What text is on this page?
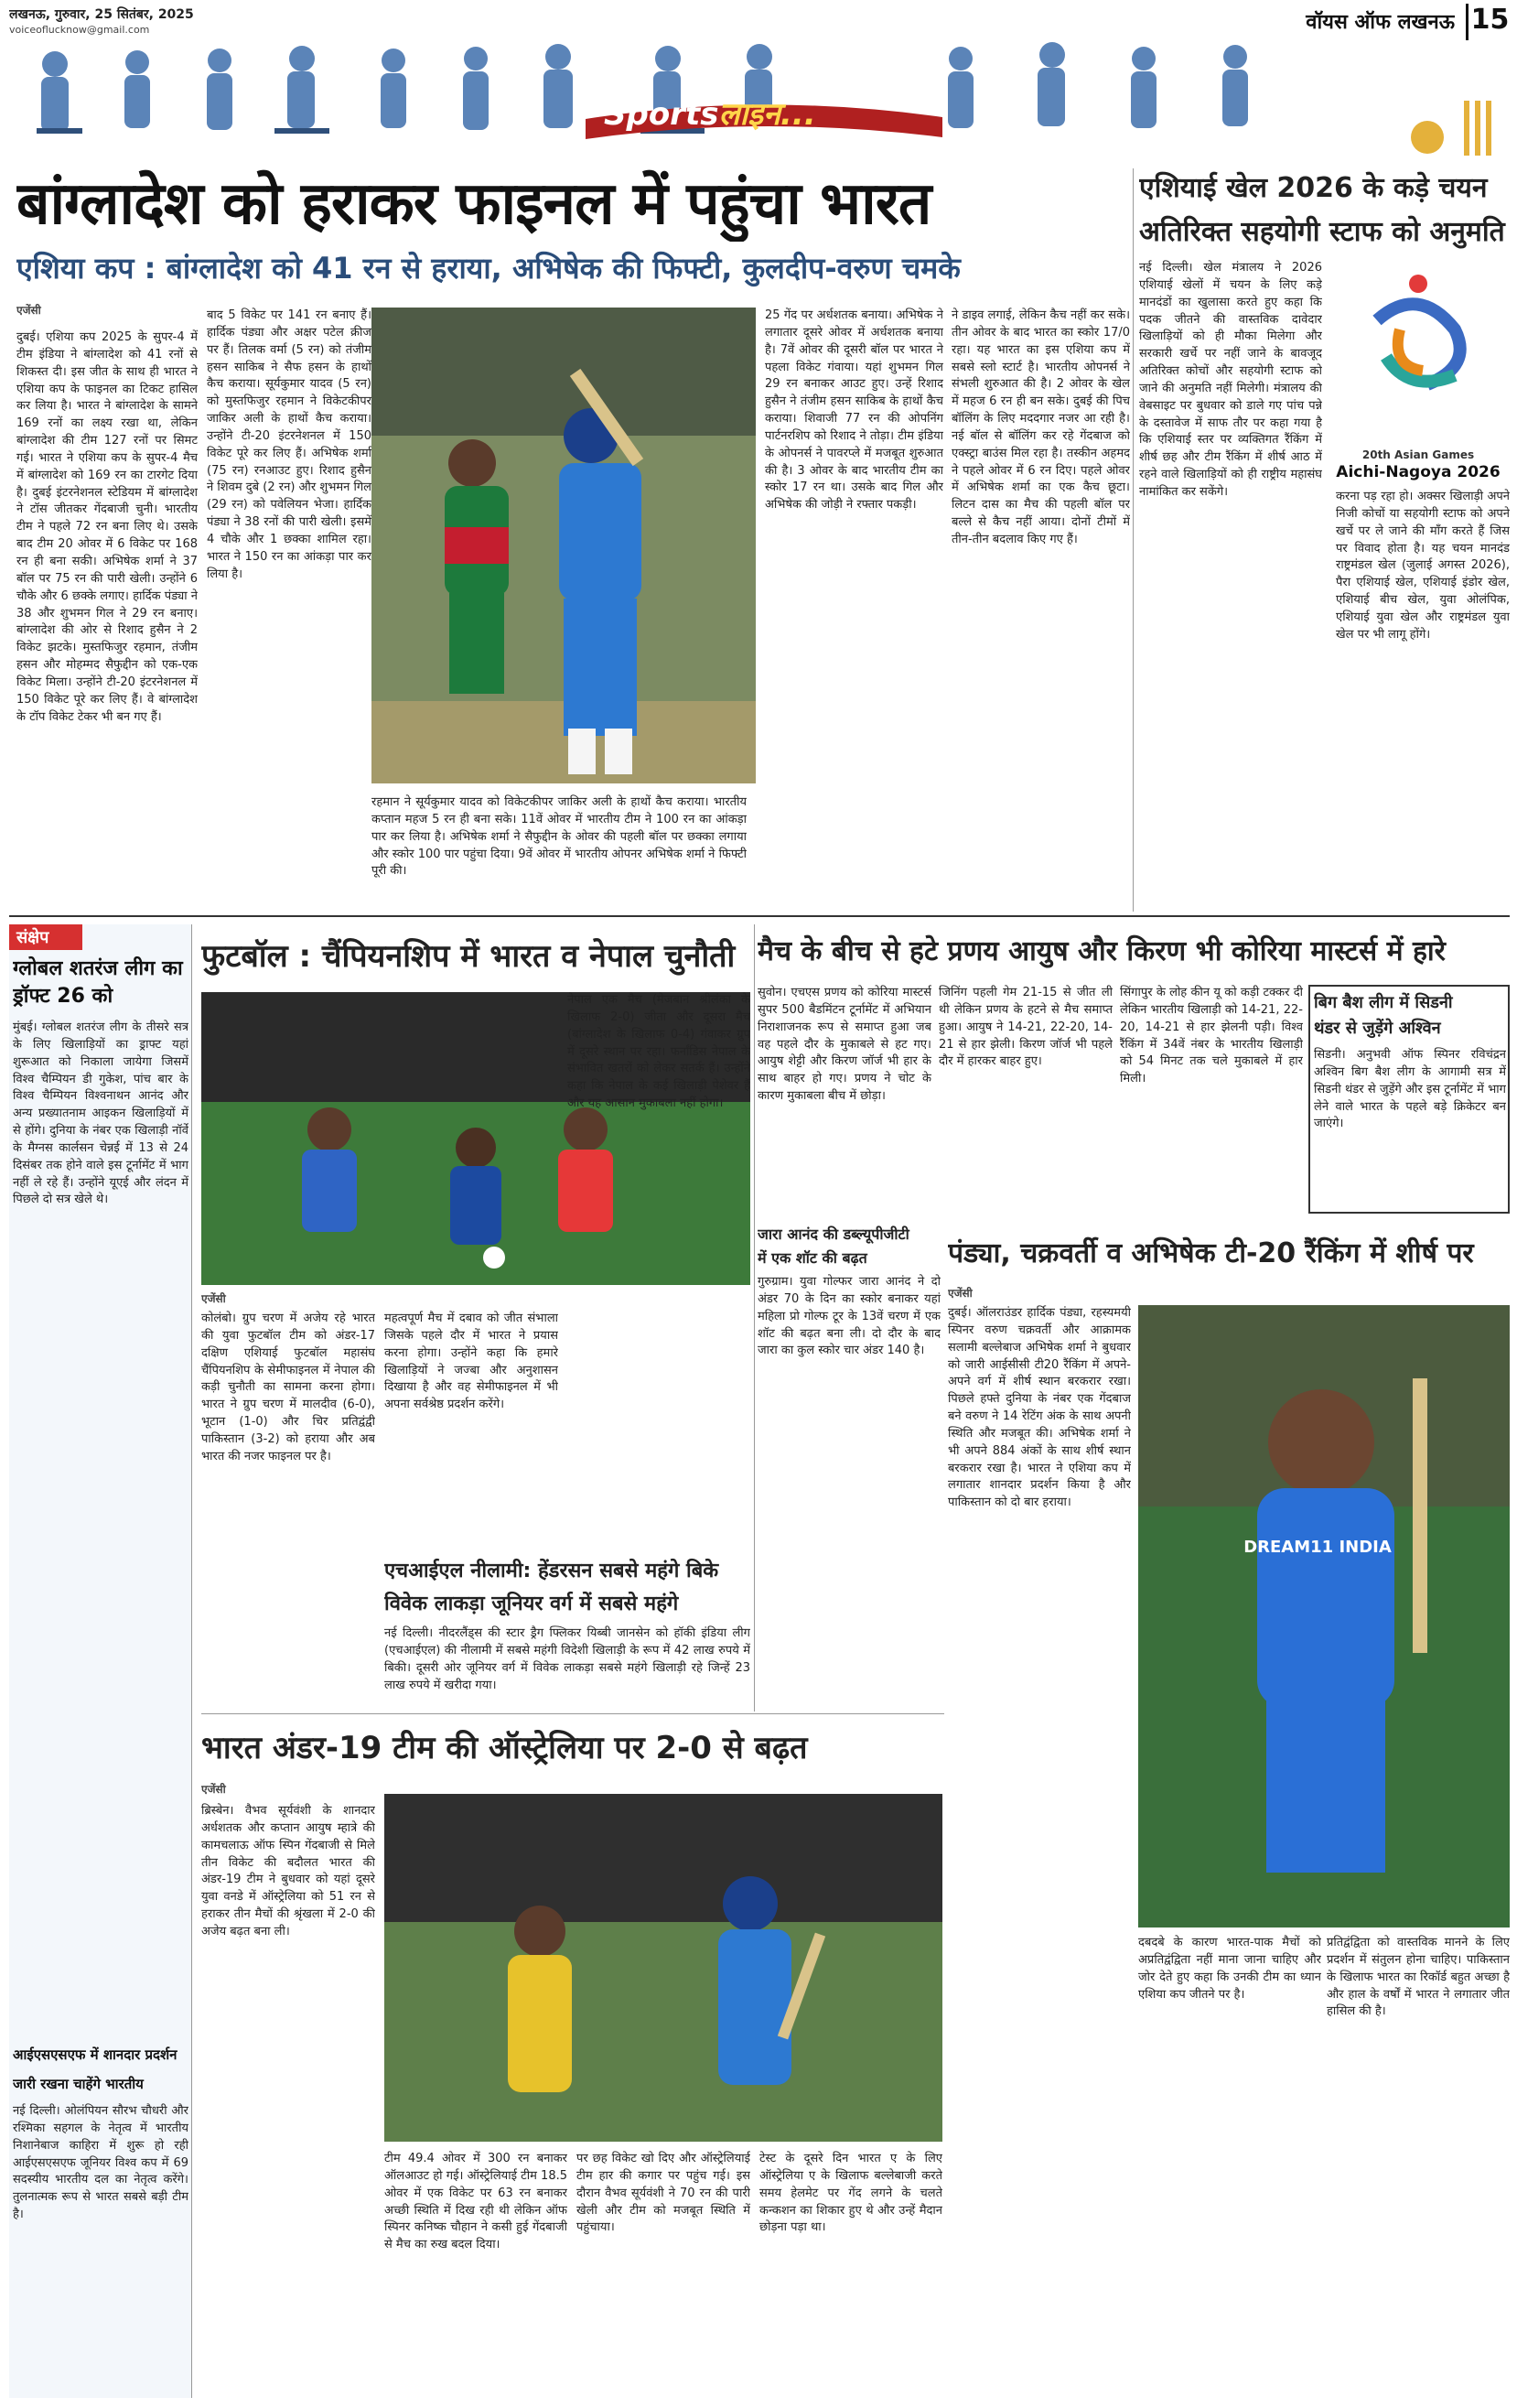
लखनऊ, गुरुवार, 25 सितंबर, 2025
voiceoflucknow@gmail.com	वॉयस ऑफ लखनऊ 15
Sportsलाइन...
बांग्लादेश को हराकर फाइनल में पहुंचा भारत
एशिया कप : बांग्लादेश को 41 रन से हराया, अभिषेक की फिफ्टी, कुलदीप-वरुण चमके
एजेंसी
दुबई। एशिया कप 2025 के सुपर-4 में टीम इंडिया ने बांग्लादेश को 41 रनों से शिकस्त दी। इस जीत के साथ ही भारत ने एशिया कप के फाइनल का टिकट हासिल कर लिया है। भारत ने बांग्लादेश के सामने 169 रनों का लक्ष्य रखा था, लेकिन बांग्लादेश की टीम 127 रनों पर सिमट गई। भारत ने एशिया कप के सुपर-4 मैच में बांग्लादेश को 169 रन का टारगेट दिया है। दुबई इंटरनेशनल स्टेडियम में बांग्लादेश ने टॉस जीतकर गेंदबाजी चुनी। भारतीय टीम ने पहले 72 रन बना लिए थे। उसके बाद टीम 20 ओवर में 6 विकेट पर 168 रन ही बना सकी। अभिषेक शर्मा ने 37 बॉल पर 75 रन की पारी खेली। उन्होंने 6 चौके और 6 छक्के लगाए। हार्दिक पंड्या ने 38 और शुभमन गिल ने 29 रन बनाए। बांग्लादेश की ओर से रिशाद हुसैन ने 2 विकेट झटके। मुस्तफिजुर रहमान, तंजीम हसन और मोहम्मद सैफुद्दीन को एक-एक विकेट मिला। उन्होंने टी-20 इंटरनेशनल में 150 विकेट पूरे कर लिए हैं। वे बांग्लादेश के टॉप विकेट टेकर भी बन गए हैं।
बाद 5 विकेट पर 141 रन बनाए हैं। हार्दिक पंड्या और अक्षर पटेल क्रीज पर हैं। तिलक वर्मा (5 रन) को तंजीम हसन साकिब ने सैफ हसन के हाथों कैच कराया। सूर्यकुमार यादव (5 रन) को मुस्तफिजुर रहमान ने विकेटकीपर जाकिर अली के हाथों कैच कराया। उन्होंने टी-20 इंटरनेशनल में 150 विकेट पूरे कर लिए हैं। अभिषेक शर्मा (75 रन) रनआउट हुए। रिशाद हुसैन ने शिवम दुबे (2 रन) और शुभमन गिल (29 रन) को पवेलियन भेजा। हार्दिक पंड्या ने 38 रनों की पारी खेली। इसमें 4 चौके और 1 छक्का शामिल रहा। भारत ने 150 रन का आंकड़ा पार कर लिया है।
रहमान ने सूर्यकुमार यादव को विकेटकीपर जाकिर अली के हाथों कैच कराया। भारतीय कप्तान महज 5 रन ही बना सके। 11वें ओवर में भारतीय टीम ने 100 रन का आंकड़ा पार कर लिया है। अभिषेक शर्मा ने सैफुद्दीन के ओवर की पहली बॉल पर छक्का लगाया और स्कोर 100 पार पहुंचा दिया। 9वें ओवर में भारतीय ओपनर अभिषेक शर्मा ने फिफ्टी पूरी की।
25 गेंद पर अर्धशतक बनाया। अभिषेक ने लगातार दूसरे ओवर में अर्धशतक बनाया है। 7वें ओवर की दूसरी बॉल पर भारत ने पहला विकेट गंवाया। यहां शुभमन गिल 29 रन बनाकर आउट हुए। उन्हें रिशाद हुसैन ने तंजीम हसन साकिब के हाथों कैच कराया। शिवाजी 77 रन की ओपनिंग पार्टनरशिप को रिशाद ने तोड़ा। टीम इंडिया के ओपनर्स ने पावरप्ले में मजबूत शुरुआत की है। 3 ओवर के बाद भारतीय टीम का स्कोर 17 रन था। उसके बाद गिल और अभिषेक की जोड़ी ने रफ्तार पकड़ी।
ने डाइव लगाई, लेकिन कैच नहीं कर सके। तीन ओवर के बाद भारत का स्कोर 17/0 रहा। यह भारत का इस एशिया कप में सबसे स्लो स्टार्ट है। भारतीय ओपनर्स ने संभली शुरुआत की है। 2 ओवर के खेल में महज 6 रन ही बन सके। दुबई की पिच बॉलिंग के लिए मददगार नजर आ रही है। नई बॉल से बॉलिंग कर रहे गेंदबाज को एक्स्ट्रा बाउंस मिल रहा है। तस्कीन अहमद ने पहले ओवर में 6 रन दिए। पहले ओवर में अभिषेक शर्मा का एक कैच छूटा। लिटन दास का मैच की पहली बॉल पर बल्ले से कैच नहीं आया। दोनों टीमों में तीन-तीन बदलाव किए गए हैं।
एशियाई खेल 2026 के कड़े चयन
अतिरिक्त सहयोगी स्टाफ को अनुमति
नई दिल्ली। खेल मंत्रालय ने 2026 एशियाई खेलों में चयन के लिए कड़े मानदंडों का खुलासा करते हुए कहा कि पदक जीतने की वास्तविक दावेदार खिलाड़ियों को ही मौका मिलेगा और सरकारी खर्चे पर नहीं जाने के बावजूद अतिरिक्त कोचों और सहयोगी स्टाफ को जाने की अनुमति नहीं मिलेगी। मंत्रालय की वेबसाइट पर बुधवार को डाले गए पांच पन्ने के दस्तावेज में साफ तौर पर कहा गया है कि एशियाई स्तर पर व्यक्तिगत रैंकिंग में शीर्ष छह और टीम रैंकिंग में शीर्ष आठ में रहने वाले खिलाड़ियों को ही राष्ट्रीय महासंघ नामांकित कर सकेंगे।
20th Asian Games
Aichi-Nagoya 2026
करना पड़ रहा हो। अक्सर खिलाड़ी अपने निजी कोचों या सहयोगी स्टाफ को अपने खर्चे पर ले जाने की माँग करते हैं जिस पर विवाद होता है। यह चयन मानदंड राष्ट्रमंडल खेल (जुलाई अगस्त 2026), पैरा एशियाई खेल, एशियाई इंडोर खेल, एशियाई बीच खेल, युवा ओलंपिक, एशियाई युवा खेल और राष्ट्रमंडल युवा खेल पर भी लागू होंगे।
संक्षेप
ग्लोबल शतरंज लीग का ड्रॉफ्ट 26 को
मुंबई। ग्लोबल शतरंज लीग के तीसरे सत्र के लिए खिलाड़ियों का ड्राफ्ट यहां शुरूआत को निकाला जायेगा जिसमें विश्व चैम्पियन डी गुकेश, पांच बार के विश्व चैम्पियन विश्वनाथन आनंद और अन्य प्रख्यातनाम आइकन खिलाड़ियों में से होंगे। दुनिया के नंबर एक खिलाड़ी नॉर्वे के मैग्नस कार्लसन चेन्नई में 13 से 24 दिसंबर तक होने वाले इस टूर्नामेंट में भाग नहीं ले रहे हैं। उन्होंने यूएई और लंदन में पिछले दो सत्र खेले थे।
आईएसएसएफ में शानदार प्रदर्शन
जारी रखना चाहेंगे भारतीय
नई दिल्ली। ओलंपियन सौरभ चौधरी और रश्मिका सहगल के नेतृत्व में भारतीय निशानेबाज काहिरा में शुरू हो रही आईएसएसएफ जूनियर विश्व कप में 69 सदस्यीय भारतीय दल का नेतृत्व करेंगे। तुलनात्मक रूप से भारत सबसे बड़ी टीम है।
फुटबॉल : चैंपियनशिप में भारत व नेपाल चुनौती
एजेंसी
कोलंबो। ग्रुप चरण में अजेय रहे भारत की युवा फुटबॉल टीम को अंडर-17 दक्षिण एशियाई फुटबॉल महासंघ चैंपियनशिप के सेमीफाइनल में नेपाल की कड़ी चुनौती का सामना करना होगा। भारत ने ग्रुप चरण में मालदीव (6-0), भूटान (1-0) और चिर प्रतिद्वंद्वी पाकिस्तान (3-2) को हराया और अब भारत की नजर फाइनल पर है।
महत्वपूर्ण मैच में दबाव को जीत संभाला जिसके पहले दौर में भारत ने प्रयास करना होगा। उन्होंने कहा कि हमारे खिलाड़ियों ने जज्बा और अनुशासन दिखाया है और वह सेमीफाइनल में भी अपना सर्वश्रेष्ठ प्रदर्शन करेंगे।
नेपाल एक मैच (मेजबान श्रीलंका के खिलाफ 2-0) जीता और दूसरा मैच (बांग्लादेश के खिलाफ 0-4) गंवाकर ग्रुप में दूसरे स्थान पर रहा। फर्नांडिस नेपाल के संभावित खतरों को लेकर सतर्क हैं। उन्होंने कहा कि नेपाल के कई खिलाड़ी पेशेवर हैं और यह आसान मुकाबला नहीं होगा।
एचआईएल नीलामी: हेंडरसन सबसे महंगे बिके
विवेक लाकड़ा जूनियर वर्ग में सबसे महंगे
नई दिल्ली। नीदरलैंड्स की स्टार ड्रैग फ्लिकर यिब्बी जानसेन को हॉकी इंडिया लीग (एचआईएल) की नीलामी में सबसे महंगी विदेशी खिलाड़ी के रूप में 42 लाख रुपये में बिकी। दूसरी ओर जूनियर वर्ग में विवेक लाकड़ा सबसे महंगे खिलाड़ी रहे जिन्हें 23 लाख रुपये में खरीदा गया।
मैच के बीच से हटे प्रणय आयुष और किरण भी कोरिया मास्टर्स में हारे
सुवोन। एचएस प्रणय को कोरिया मास्टर्स सुपर 500 बैडमिंटन टूर्नामेंट में अभियान निराशाजनक रूप से समाप्त हुआ जब वह पहले दौर के मुकाबले से हट गए। आयुष शेट्टी और किरण जॉर्ज भी हार के साथ बाहर हो गए। प्रणय ने चोट के कारण मुकाबला बीच में छोड़ा।
जिनिंग पहली गेम 21-15 से जीत ली थी लेकिन प्रणय के हटने से मैच समाप्त हुआ। आयुष ने 14-21, 22-20, 14-21 से हार झेली। किरण जॉर्ज भी पहले दौर में हारकर बाहर हुए।
सिंगापुर के लोह कीन यू को कड़ी टक्कर दी लेकिन भारतीय खिलाड़ी को 14-21, 22-20, 14-21 से हार झेलनी पड़ी। विश्व रैंकिंग में 34वें नंबर के भारतीय खिलाड़ी को 54 मिनट तक चले मुकाबले में हार मिली।
बिग बैश लीग में सिडनी
थंडर से जुड़ेंगे अश्विन
सिडनी। अनुभवी ऑफ स्पिनर रविचंद्रन अश्विन बिग बैश लीग के आगामी सत्र में सिडनी थंडर से जुड़ेंगे और इस टूर्नामेंट में भाग लेने वाले भारत के पहले बड़े क्रिकेटर बन जाएंगे।
जारा आनंद की डब्ल्यूपीजीटी
में एक शॉट की बढ़त
गुरुग्राम। युवा गोल्फर जारा आनंद ने दो अंडर 70 के दिन का स्कोर बनाकर यहां महिला प्रो गोल्फ टूर के 13वें चरण में एक शॉट की बढ़त बना ली। दो दौर के बाद जारा का कुल स्कोर चार अंडर 140 है।
पंड्या, चक्रवर्ती व अभिषेक टी-20 रैंकिंग में शीर्ष पर
एजेंसी
दुबई। ऑलराउंडर हार्दिक पंड्या, रहस्यमयी स्पिनर वरुण चक्रवर्ती और आक्रामक सलामी बल्लेबाज अभिषेक शर्मा ने बुधवार को जारी आईसीसी टी20 रैंकिंग में अपने-अपने वर्ग में शीर्ष स्थान बरकरार रखा। पिछले हफ्ते दुनिया के नंबर एक गेंदबाज बने वरुण ने 14 रेटिंग अंक के साथ अपनी स्थिति और मजबूत की। अभिषेक शर्मा ने भी अपने 884 अंकों के साथ शीर्ष स्थान बरकरार रखा है। भारत ने एशिया कप में लगातार शानदार प्रदर्शन किया है और पाकिस्तान को दो बार हराया।
DREAM11 INDIA
भारत अंडर-19 टीम की ऑस्ट्रेलिया पर 2-0 से बढ़त
एजेंसी
ब्रिस्बेन। वैभव सूर्यवंशी के शानदार अर्धशतक और कप्तान आयुष म्हात्रे की कामचलाऊ ऑफ स्पिन गेंदबाजी से मिले तीन विकेट की बदौलत भारत की अंडर-19 टीम ने बुधवार को यहां दूसरे युवा वनडे में ऑस्ट्रेलिया को 51 रन से हराकर तीन मैचों की श्रृंखला में 2-0 की अजेय बढ़त बना ली।
टीम 49.4 ओवर में 300 रन बनाकर ऑलआउट हो गई। ऑस्ट्रेलियाई टीम 18.5 ओवर में एक विकेट पर 63 रन बनाकर अच्छी स्थिति में दिख रही थी लेकिन ऑफ स्पिनर कनिष्क चौहान ने कसी हुई गेंदबाजी से मैच का रुख बदल दिया।
पर छह विकेट खो दिए और ऑस्ट्रेलियाई टीम हार की कगार पर पहुंच गई। इस दौरान वैभव सूर्यवंशी ने 70 रन की पारी खेली और टीम को मजबूत स्थिति में पहुंचाया।
टेस्ट के दूसरे दिन भारत ए के लिए ऑस्ट्रेलिया ए के खिलाफ बल्लेबाजी करते समय हेलमेट पर गेंद लगने के चलते कन्कशन का शिकार हुए थे और उन्हें मैदान छोड़ना पड़ा था।
दबदबे के कारण भारत-पाक मैचों को अप्रतिद्वंद्विता नहीं माना जाना चाहिए और जोर देते हुए कहा कि उनकी टीम का ध्यान एशिया कप जीतने पर है।
प्रतिद्वंद्विता को वास्तविक मानने के लिए प्रदर्शन में संतुलन होना चाहिए। पाकिस्तान के खिलाफ भारत का रिकॉर्ड बहुत अच्छा है और हाल के वर्षों में भारत ने लगातार जीत हासिल की है।
